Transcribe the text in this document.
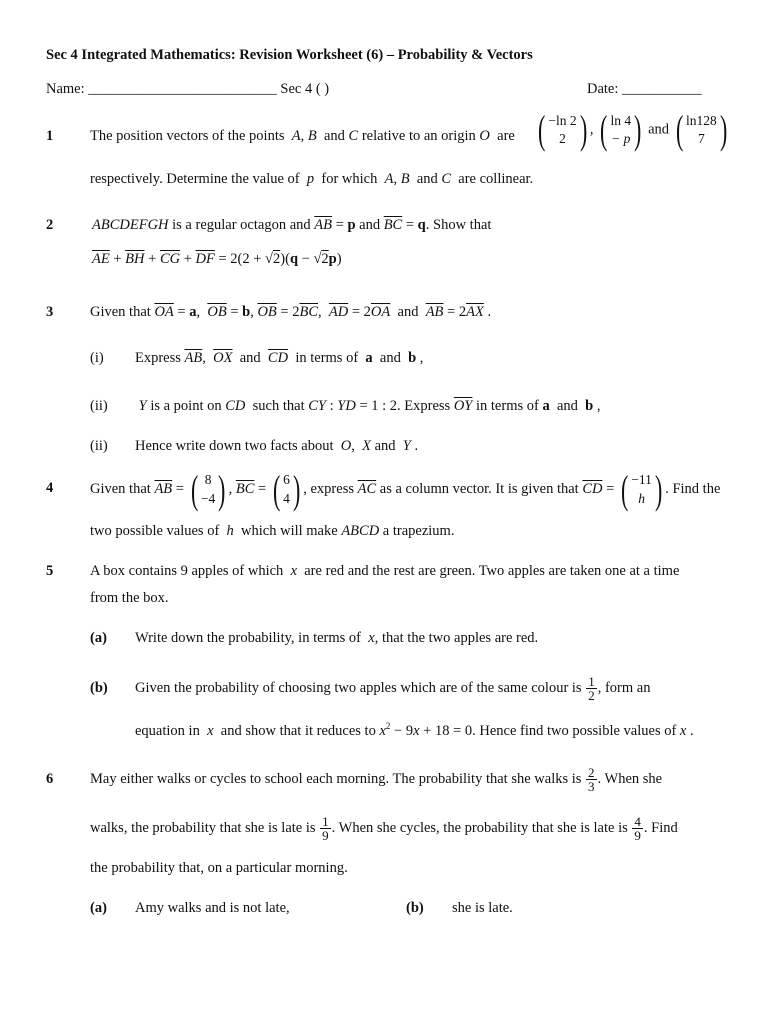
Sec 4 Integrated Mathematics: Revision Worksheet (6) – Probability & Vectors
Name: __________________________ Sec 4 ( )	Date: ___________
1	The position vectors of the points  A, B  and C relative to an origin O are ( −ln 2
2 ) , ( ln 4
− p ) and ( ln128
7 )
respectively. Determine the value of p for which A, B  and C are collinear.
2	ABCDEFGH is a regular octagon and $\overline{AB} = p$ and $\overline{BC} = q$. Show that
$\overline{AE} + \overline{BH} + \overline{CG} + \overline{DF} = 2(2 + √2)(q - √2p)$
3	Given that $\overline{OA} = a$,  $\overline{OB} = b$, $\overline{OB} = 2\overline{BC}$,  $\overline{AD} = 2\overline{OA}$  and  $\overline{AB} = 2\overline{AX}$ .
(i) Express $\overline{AB}$,  $\overline{OX}$  and  $\overline{CD}$ in terms of a  and  b ,
(ii) Y is a point on CD such that CY : YD = 1 : 2. Express $\overline{OY}$ in terms of a  and  b ,
(ii) Hence write down two facts about O,  X and  Y .
4	Given that $\overline{AB}$ = ( 8
−4 ) , $\overline{BC}$ = ( 6
4 ) , express $\overline{AC}$ as a column vector. It is given that $\overline{CD}$ = ( −11
h ) . Find the
two possible values of h which will make ABCD a trapezium.
5	A box contains 9 apples of which x are red and the rest are green. Two apples are taken one at a time
from the box.
(a) Write down the probability, in terms of x, that the two apples are red.
(b) Given the probability of choosing two apples which are of the same colour is $\frac{1}{2}$ , form an
equation in x and show that it reduces to $x^2 - 9x + 18 = 0$. Hence find two possible values of x .
6	May either walks or cycles to school each morning. The probability that she walks is $\frac{2}{3}$ . When she
walks, the probability that she is late is $\frac{1}{9}$ . When she cycles, the probability that she is late is $\frac{4}{9}$ . Find
the probability that, on a particular morning.
(a) Amy walks and is not late,	(b) she is late.
